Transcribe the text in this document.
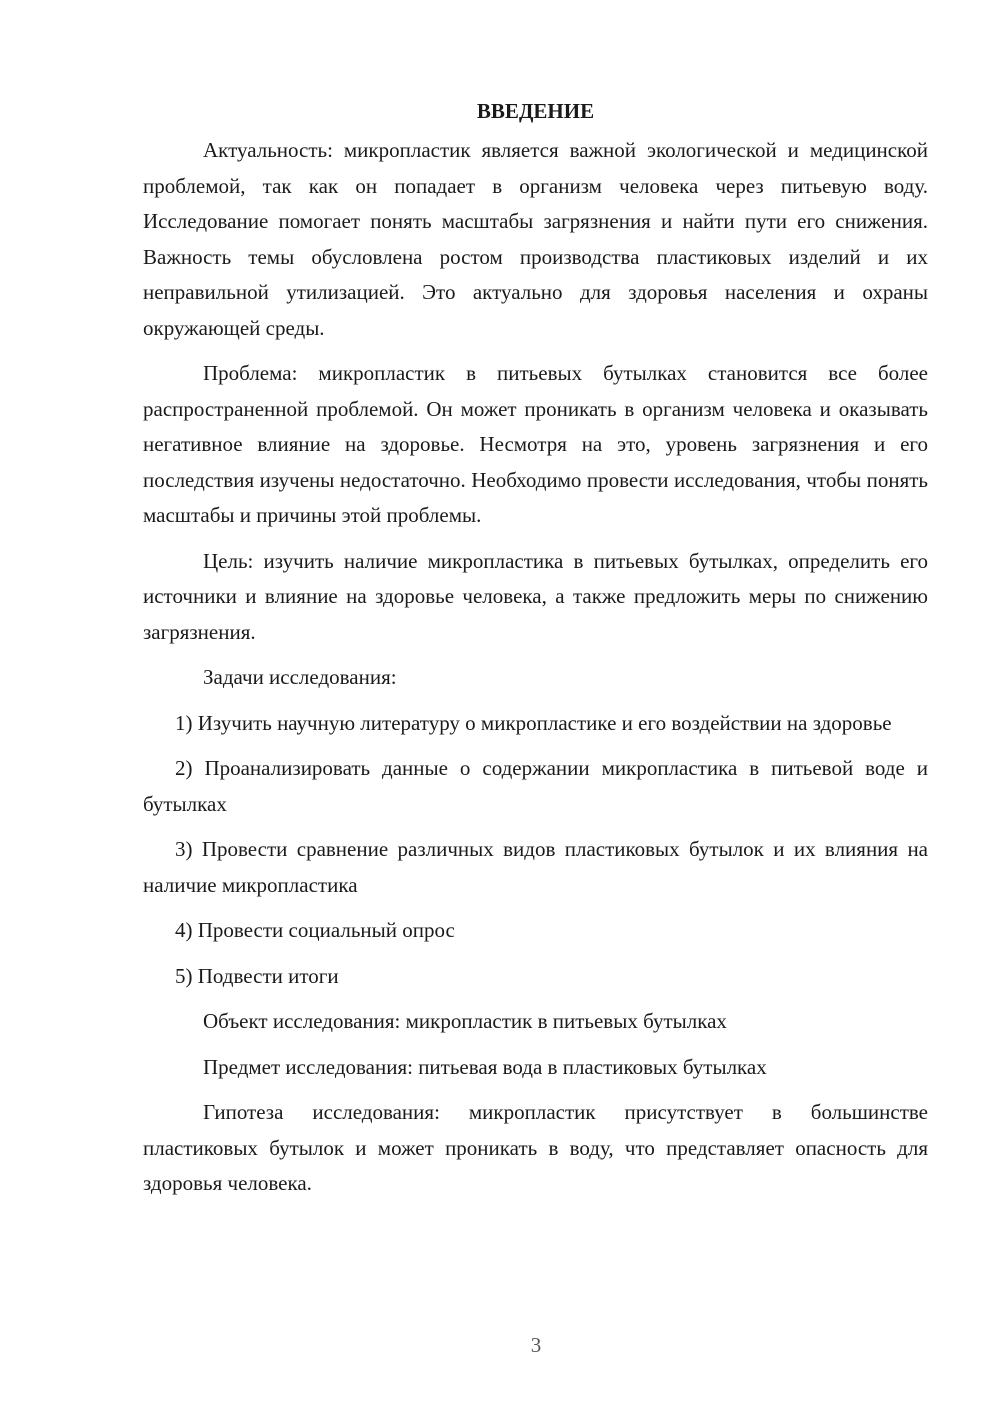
ВВЕДЕНИЕ

Актуальность: микропластик является важной экологической и медицинской проблемой, так как он попадает в организм человека через питьевую воду. Исследование помогает понять масштабы загрязнения и найти пути его снижения. Важность темы обусловлена ростом производства пластиковых изделий и их неправильной утилизацией. Это актуально для здоровья населения и охраны окружающей среды.

Проблема: микропластик в питьевых бутылках становится все более распространенной проблемой. Он может проникать в организм человека и оказывать негативное влияние на здоровье. Несмотря на это, уровень загрязнения и его последствия изучены недостаточно. Необходимо провести исследования, чтобы понять масштабы и причины этой проблемы.

Цель: изучить наличие микропластика в питьевых бутылках, определить его источники и влияние на здоровье человека, а также предложить меры по снижению загрязнения.

Задачи исследования:

1) Изучить научную литературу о микропластике и его воздействии на здоровье

2) Проанализировать данные о содержании микропластика в питьевой воде и бутылках

3) Провести сравнение различных видов пластиковых бутылок и их влияния на наличие микропластика

4) Провести социальный опрос

5) Подвести итоги

Объект исследования: микропластик в питьевых бутылках

Предмет исследования: питьевая вода в пластиковых бутылках

Гипотеза исследования: микропластик присутствует в большинстве пластиковых бутылок и может проникать в воду, что представляет опасность для здоровья человека.

3
